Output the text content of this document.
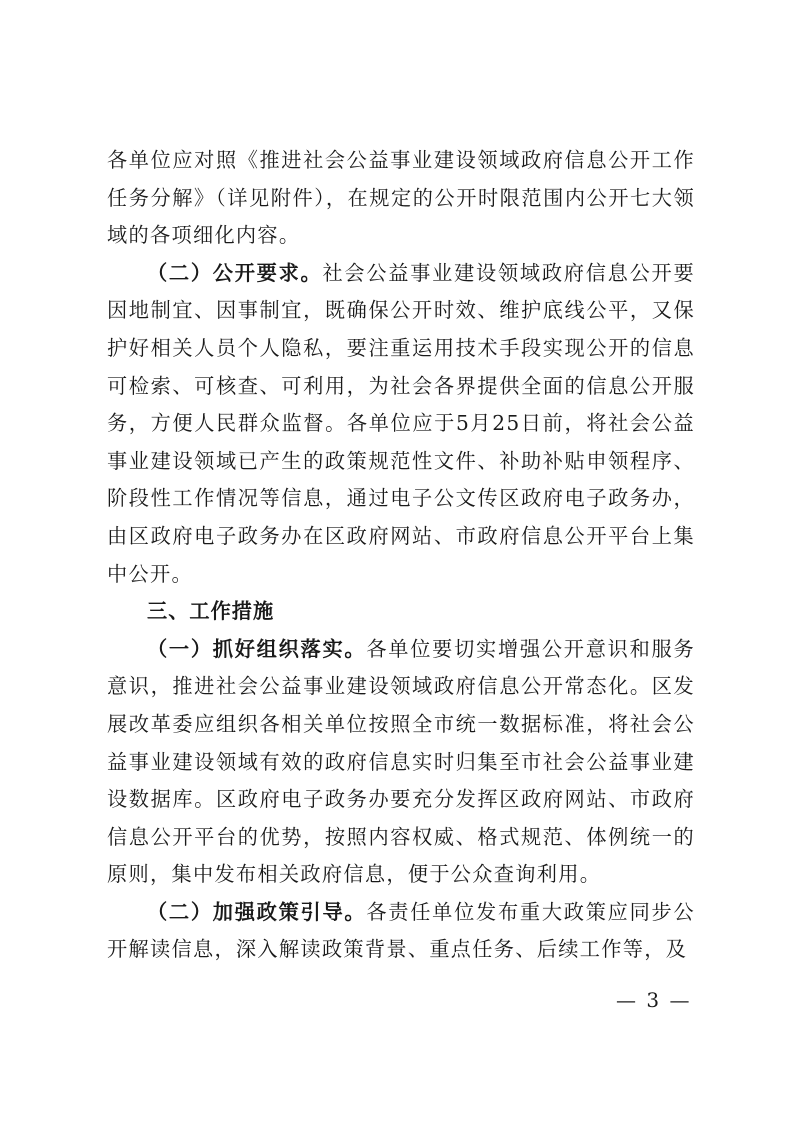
各单位应对照《推进社会公益事业建设领域政府信息公开工作任务分解》（详见附件），在规定的公开时限范围内公开七大领域的各项细化内容。

（二）公开要求。社会公益事业建设领域政府信息公开要因地制宜、因事制宜，既确保公开时效、维护底线公平，又保护好相关人员个人隐私，要注重运用技术手段实现公开的信息可检索、可核查、可利用，为社会各界提供全面的信息公开服务，方便人民群众监督。各单位应于5月25日前，将社会公益事业建设领域已产生的政策规范性文件、补助补贴申领程序、阶段性工作情况等信息，通过电子公文传区政府电子政务办，由区政府电子政务办在区政府网站、市政府信息公开平台上集中公开。

三、工作措施

（一）抓好组织落实。各单位要切实增强公开意识和服务意识，推进社会公益事业建设领域政府信息公开常态化。区发展改革委应组织各相关单位按照全市统一数据标准，将社会公益事业建设领域有效的政府信息实时归集至市社会公益事业建设数据库。区政府电子政务办要充分发挥区政府网站、市政府信息公开平台的优势，按照内容权威、格式规范、体例统一的原则，集中发布相关政府信息，便于公众查询利用。

（二）加强政策引导。各责任单位发布重大政策应同步公开解读信息，深入解读政策背景、重点任务、后续工作等，及

— 3 —
